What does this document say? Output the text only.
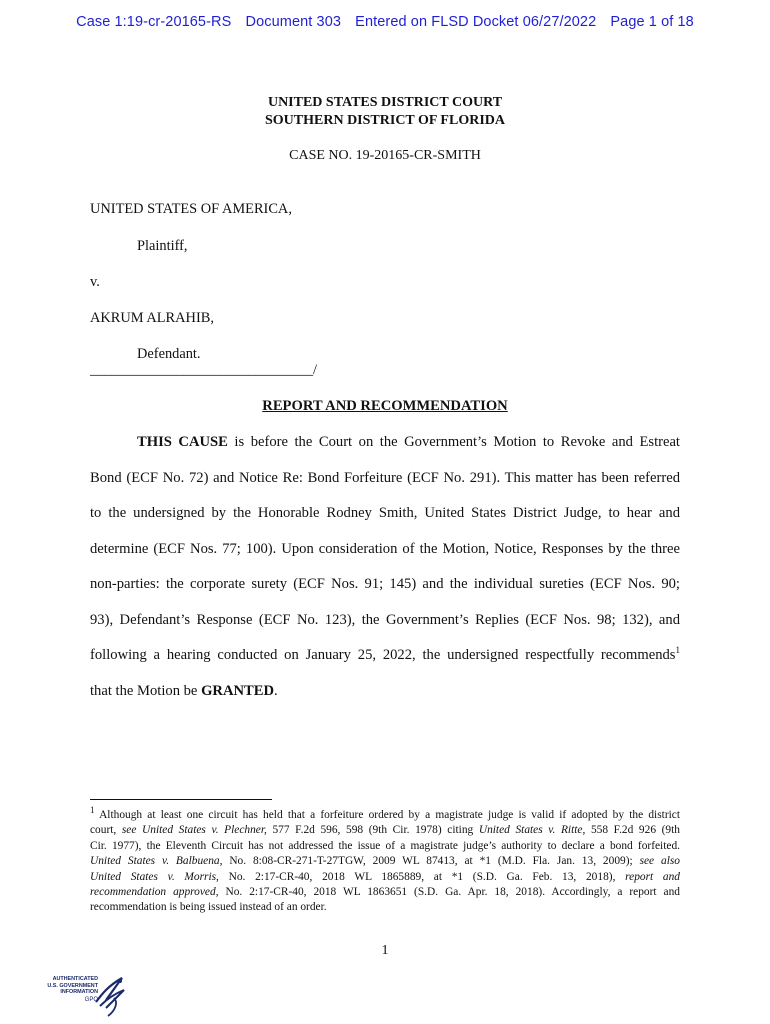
Case 1:19-cr-20165-RS Document 303 Entered on FLSD Docket 06/27/2022 Page 1 of 18
UNITED STATES DISTRICT COURT
SOUTHERN DISTRICT OF FLORIDA
CASE NO. 19-20165-CR-SMITH
UNITED STATES OF AMERICA,
Plaintiff,
v.
AKRUM ALRAHIB,
Defendant.
_______________________________/
REPORT AND RECOMMENDATION
THIS CAUSE is before the Court on the Government’s Motion to Revoke and Estreat
Bond (ECF No. 72) and Notice Re: Bond Forfeiture (ECF No. 291). This matter has been referred
to the undersigned by the Honorable Rodney Smith, United States District Judge, to hear and
determine (ECF Nos. 77; 100). Upon consideration of the Motion, Notice, Responses by the three
non-parties: the corporate surety (ECF Nos. 91; 145) and the individual sureties (ECF Nos. 90;
93), Defendant’s Response (ECF No. 123), the Government’s Replies (ECF Nos. 98; 132), and
following a hearing conducted on January 25, 2022, the undersigned respectfully recommends$^1$
that the Motion be GRANTED.
$^1$ Although at least one circuit has held that a forfeiture ordered by a magistrate judge is valid if adopted by the district
court, see United States v. Plechner, 577 F.2d 596, 598 (9th Cir. 1978) citing United States v. Ritte, 558 F.2d 926 (9th
Cir. 1977), the Eleventh Circuit has not addressed the issue of a magistrate judge’s authority to declare a bond forfeited.
United States v. Balbuena, No. 8:08-CR-271-T-27TGW, 2009 WL 87413, at *1 (M.D. Fla. Jan. 13, 2009); see also
United States v. Morris, No. 2:17-CR-40, 2018 WL 1865889, at *1 (S.D. Ga. Feb. 13, 2018), report and
recommendation approved, No. 2:17-CR-40, 2018 WL 1863651 (S.D. Ga. Apr. 18, 2018). Accordingly, a report and
recommendation is being issued instead of an order.
1
AUTHENTICATED
U.S. GOVERNMENT
INFORMATION
GPO
